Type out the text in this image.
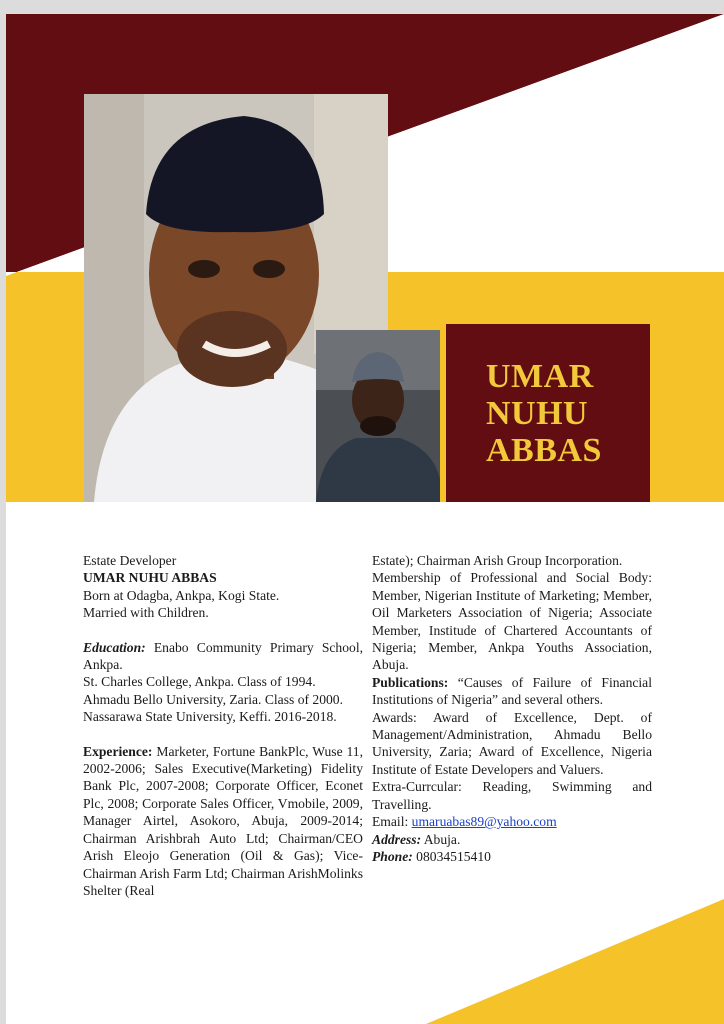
UMAR
NUHU
ABBAS

Estate Developer

UMAR NUHU ABBAS

Born at Odagba, Ankpa, Kogi State.

Married with Children.

Education: Enabo Community Primary School, Ankpa.

St. Charles College, Ankpa. Class of 1994.

Ahmadu Bello University, Zaria. Class of 2000.

Nassarawa State University, Keffi. 2016-2018.

Experience: Marketer, Fortune BankPlc, Wuse 11, 2002-2006; Sales Executive(Marketing) Fidelity Bank Plc, 2007-2008; Corporate Officer, Econet Plc, 2008; Corporate Sales Officer, Vmobile, 2009, Manager Airtel, Asokoro, Abuja, 2009-2014; Chairman Arishbrah Auto Ltd; Chairman/CEO Arish Eleojo Generation (Oil & Gas); Vice-Chairman Arish Farm Ltd; Chairman ArishMolinks Shelter (Real

Estate); Chairman Arish Group Incorporation.

Membership of Professional and Social Body: Member, Nigerian Institute of Marketing; Member, Oil Marketers Association of Nigeria; Associate Member, Institude of Chartered Accountants of Nigeria; Member, Ankpa Youths Association, Abuja.

Publications: “Causes of Failure of Financial Institutions of Nigeria” and several others.

Awards: Award of Excellence, Dept. of Management/Administration, Ahmadu Bello University, Zaria; Award of Excellence, Nigeria Institute of Estate Developers and Valuers.

Extra-Currcular: Reading, Swimming and Travelling.

Email: umaruabas89@yahoo.com

Address: Abuja.

Phone: 08034515410
